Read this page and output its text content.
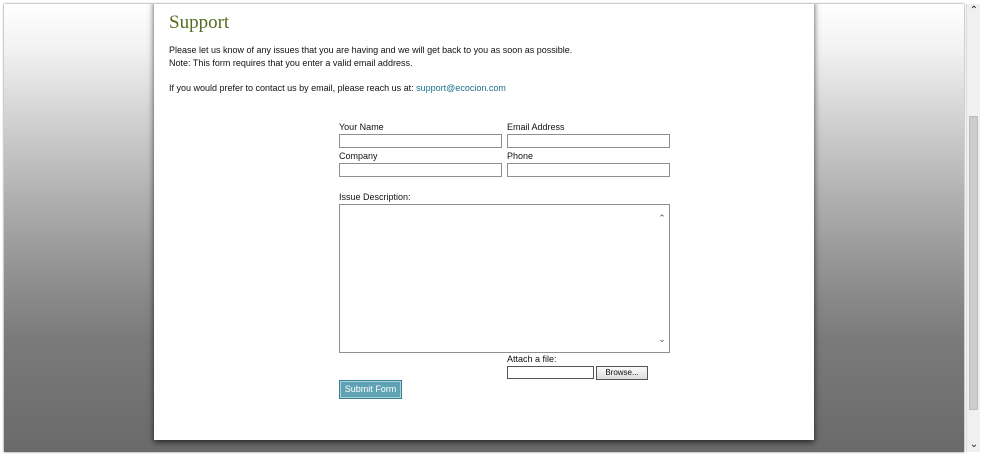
Support

Please let us know of any issues that you are having and we will get back to you as soon as possible.

Note: This form requires that you enter a valid email address.

If you would prefer to contact us by email, please reach us at: support@ecocion.com
Your Name	Email Address
Company	Phone
Issue Description:
⌃
⌄
Attach a file:
Browse...
Submit Form
⌃
⌄
